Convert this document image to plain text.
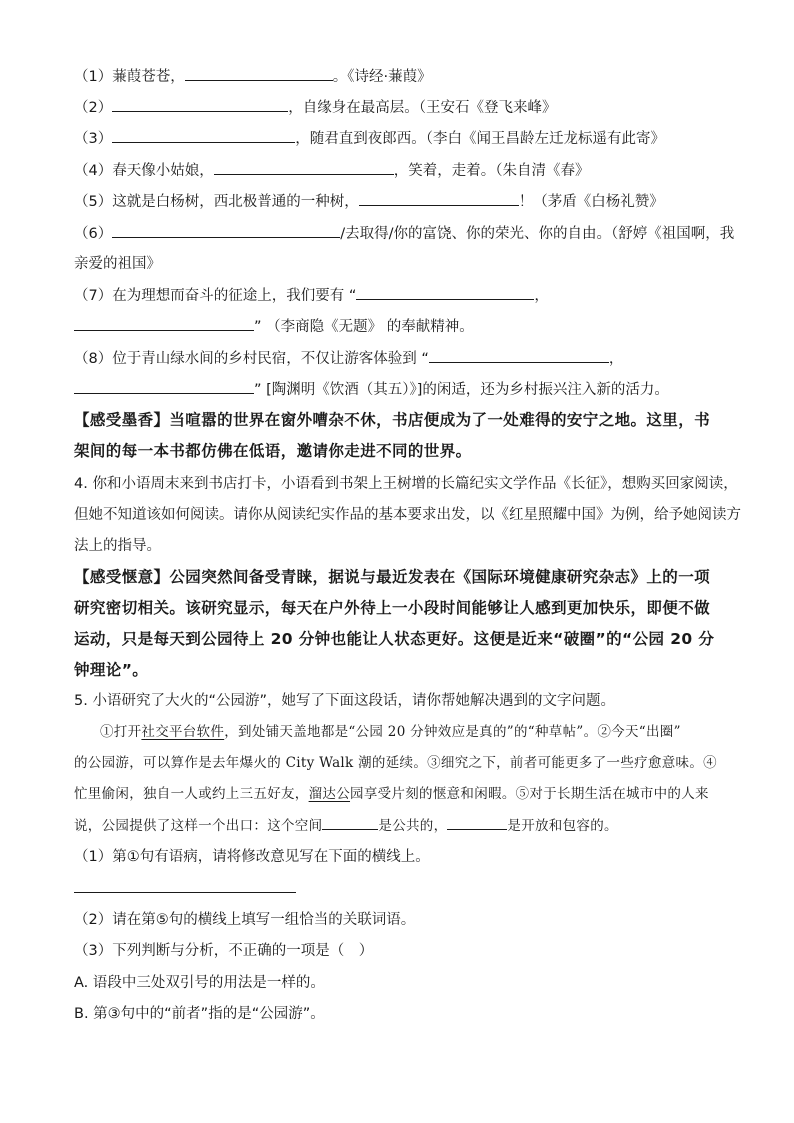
（1）蒹葭苍苍，	。《诗经·蒹葭》
（2）	，自缘身在最高层。（王安石《登飞来峰》
（3）	，随君直到夜郎西。（李白《闻王昌龄左迁龙标遥有此寄》
（4）春天像小姑娘，	，笑着，走着。（朱自清《春》
（5）这就是白杨树，西北极普通的一种树，	！（茅盾《白杨礼赞》
（6）	/去取得/你的富饶、你的荣光、你的自由。（舒婷《祖国啊，我
亲爱的祖国》
（7）在为理想而奋斗的征途上，我们要有 “	，
” （李商隐《无题》 的奉献精神。
（8）位于青山绿水间的乡村民宿，不仅让游客体验到 “	，
” [陶渊明《饮酒（其五）》]的闲适，还为乡村振兴注入新的活力。
【感受墨香】当喧嚣的世界在窗外嘈杂不休，书店便成为了一处难得的安宁之地。这里，书
架间的每一本书都仿佛在低语，邀请你走进不同的世界。
4. 你和小语周末来到书店打卡，小语看到书架上王树增的长篇纪实文学作品《长征》，想购买回家阅读，
但她不知道该如何阅读。请你从阅读纪实作品的基本要求出发，以《红星照耀中国》为例，给予她阅读方
法上的指导。
【感受惬意】公园突然间备受青睐，据说与最近发表在《国际环境健康研究杂志》上的一项
研究密切相关。该研究显示，每天在户外待上一小段时间能够让人感到更加快乐，即便不做
运动，只是每天到公园待上 20 分钟也能让人状态更好。这便是近来“破圈”的“公园 20 分
钟理论”。
5. 小语研究了大火的“公园游”，她写了下面这段话，请你帮她解决遇到的文字问题。
①打开社交平台软件，到处铺天盖地都是“公园 20 分钟效应是真的”的“种草帖”。②今天“出圈”
的公园游，可以算作是去年爆火的 City Walk 潮的延续。③细究之下，前者可能更多了一些疗愈意味。④
忙里偷闲，独自一人或约上三五好友，溜达公园享受片刻的惬意和闲暇。⑤对于长期生活在城市中的人来
说，公园提供了这样一个出口：这个空间	是公共的，	是开放和包容的。
（1）第①句有语病，请将修改意见写在下面的横线上。
（2）请在第⑤句的横线上填写一组恰当的关联词语。
（3）下列判断与分析，不正确的一项是（　）
A. 语段中三处双引号的用法是一样的。
B. 第③句中的“前者”指的是“公园游”。
